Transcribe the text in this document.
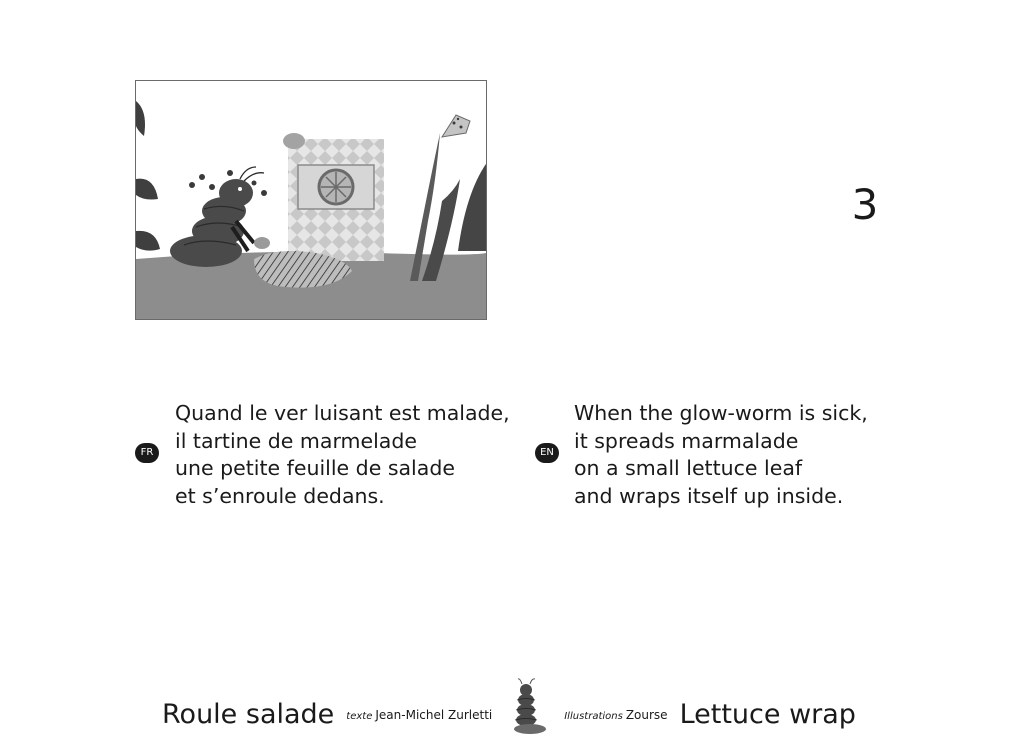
3
FR
Quand le ver luisant est malade,
il tartine de marmelade
une petite feuille de salade
et s’enroule dedans.
EN
When the glow-worm is sick,
it spreads marmalade
on a small lettuce leaf
and wraps itself up inside.
Roule salade texte Jean-Michel Zurletti	Illustrations Zourse Lettuce wrap
